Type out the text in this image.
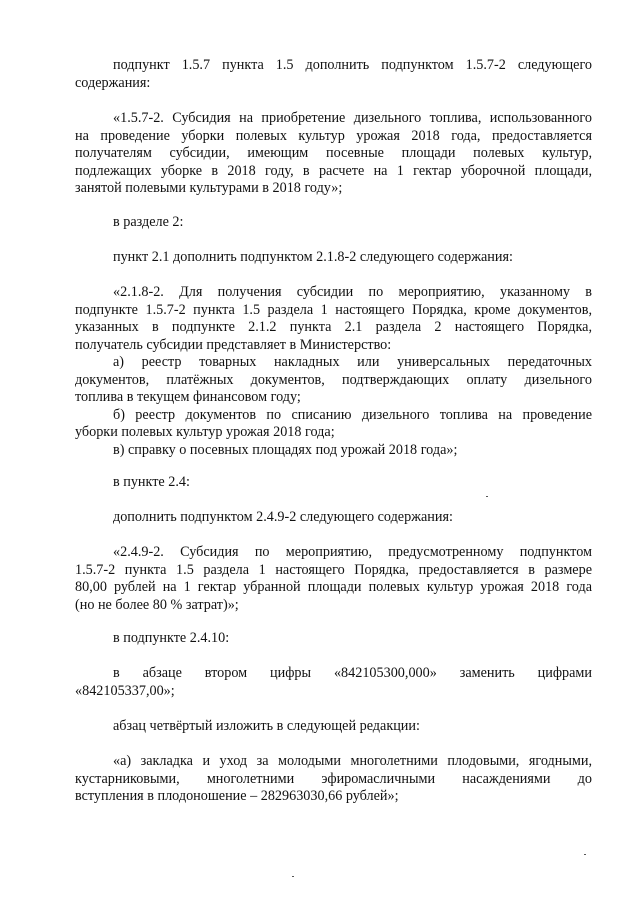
подпункт 1.5.7 пункта 1.5 дополнить подпунктом 1.5.7-2 следующего
содержания:

«1.5.7-2. Субсидия на приобретение дизельного топлива, использованного
на проведение уборки полевых культур урожая 2018 года, предоставляется
получателям субсидии, имеющим посевные площади полевых культур,
подлежащих уборке в 2018 году, в расчете на 1 гектар уборочной площади,
занятой полевыми культурами в 2018 году»;

в разделе 2:

пункт 2.1 дополнить подпунктом 2.1.8-2 следующего содержания:

«2.1.8-2. Для получения субсидии по мероприятию, указанному в
подпункте 1.5.7-2 пункта 1.5 раздела 1 настоящего Порядка, кроме документов,
указанных в подпункте 2.1.2 пункта 2.1 раздела 2 настоящего Порядка,
получатель субсидии представляет в Министерство:
а) реестр товарных накладных или универсальных передаточных
документов, платёжных документов, подтверждающих оплату дизельного
топлива в текущем финансовом году;
б) реестр документов по списанию дизельного топлива на проведение
уборки полевых культур урожая 2018 года;
в) справку о посевных площадях под урожай 2018 года»;

в пункте 2.4:

дополнить подпунктом 2.4.9-2 следующего содержания:

«2.4.9-2. Субсидия по мероприятию, предусмотренному подпунктом
1.5.7-2 пункта 1.5 раздела 1 настоящего Порядка, предоставляется в размере
80,00 рублей на 1 гектар убранной площади полевых культур урожая 2018 года
(но не более 80 % затрат)»;

в подпункте 2.4.10:

в абзаце втором цифры «842105300,000» заменить цифрами
«842105337,00»;

абзац четвёртый изложить в следующей редакции:

«а) закладка и уход за молодыми многолетними плодовыми, ягодными,
кустарниковыми, многолетними эфиромасличными насаждениями до
вступления в плодоношение – 282963030,66 рублей»;
